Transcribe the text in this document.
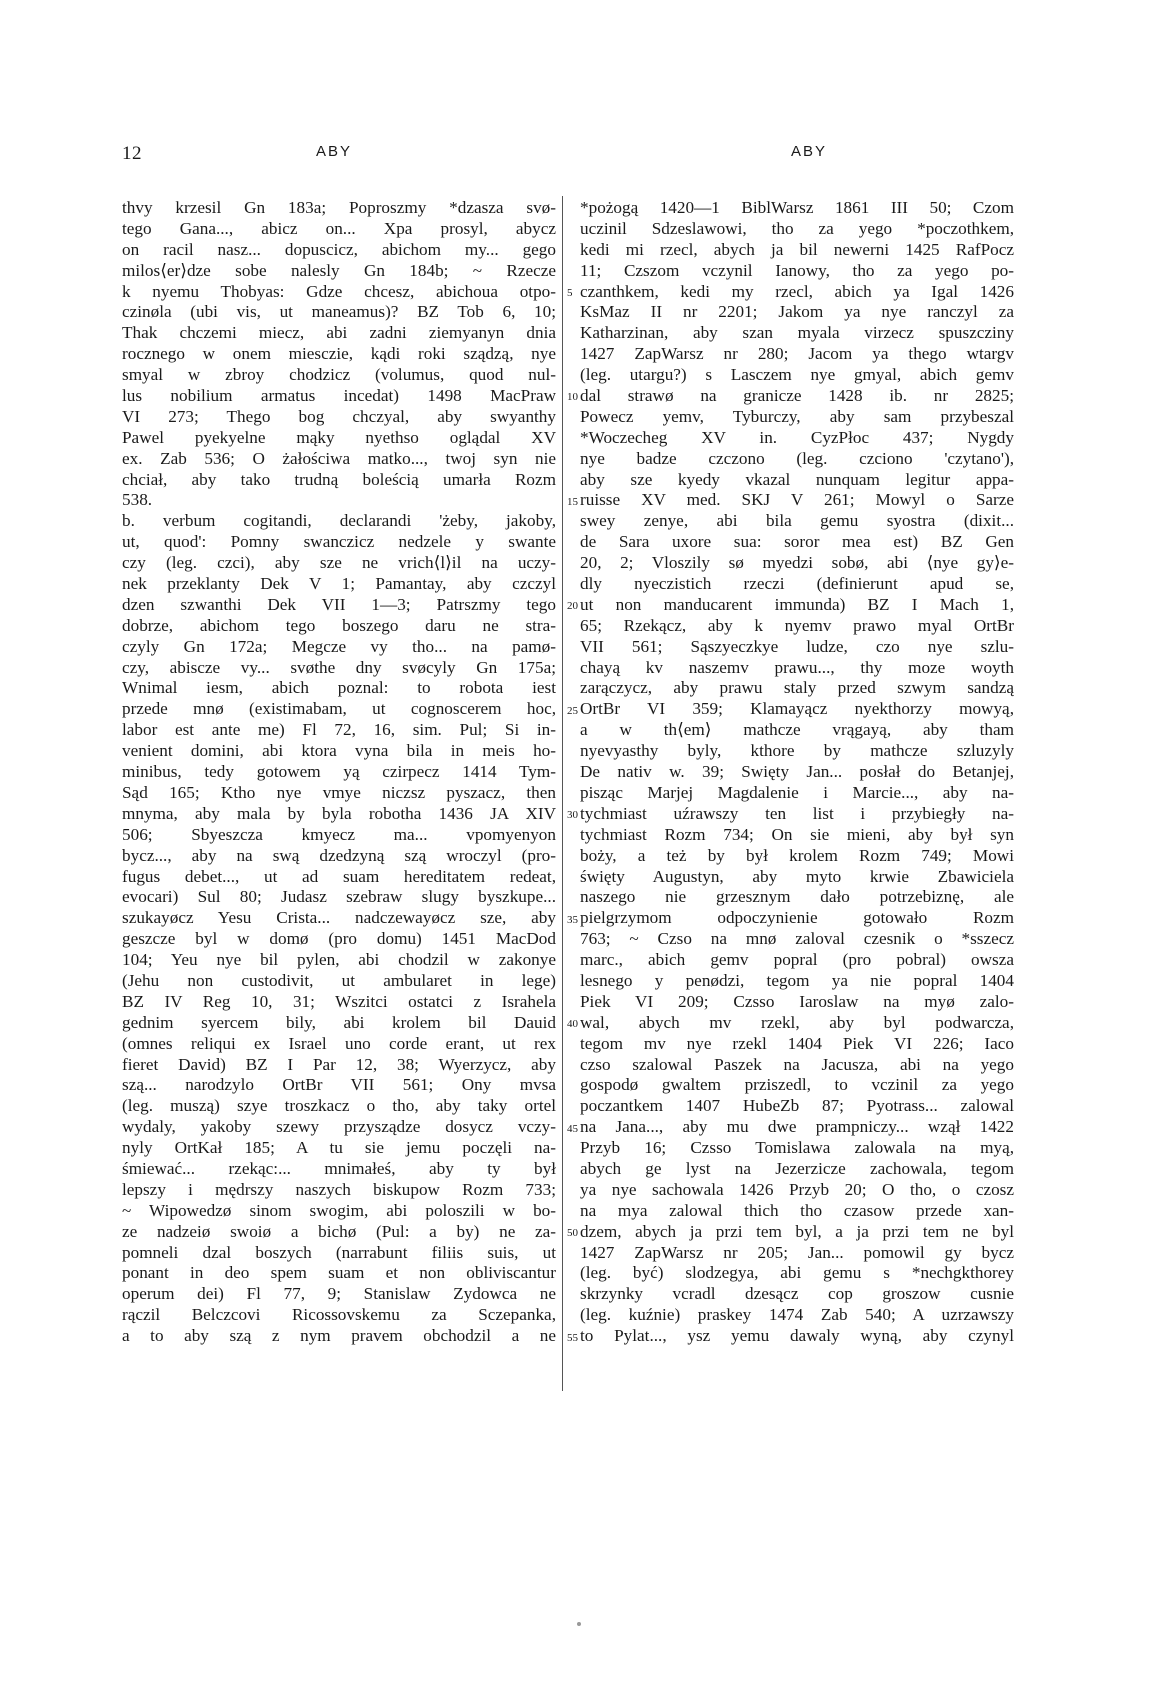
12	ABY	ABY
thvy krzesil Gn 183a; Poproszmy *dzasza svø-
tego Gana..., abicz on... Xpa prosyl, abycz
on racil nasz... dopuscicz, abichom my... gego
milos⟨er⟩dze sobe nalesly Gn 184b; ~ Rzecze
k nyemu Thobyas: Gdze chcesz, abichoua otpo-
czinøla (ubi vis, ut maneamus)? BZ Tob 6, 10;
Thak chczemi miecz, abi zadni ziemyanyn dnia
rocznego w onem miesczie, kądi roki sządzą, nye
smyal w zbroy chodzicz (volumus, quod nul-
lus nobilium armatus incedat) 1498 MacPraw
VI 273; Thego bog chczyal, aby swyanthy
Pawel pyekyelne mąky nyethso oglądal XV
ex. Zab 536; O żałościwa matko..., twoj syn nie
chciał, aby tako trudną boleścią umarła Rozm
538.
b. verbum cogitandi, declarandi 'żeby, jakoby,
ut, quod': Pomny swanczicz nedzele y swante
czy (leg. czci), aby sze ne vrich⟨l⟩il na uczy-
nek przeklanty Dek V 1; Pamantay, aby czczyl
dzen szwanthi Dek VII 1—3; Patrszmy tego
dobrze, abichom tego boszego daru ne stra-
czyly Gn 172a; Megcze vy tho... na pamø-
czy, abiscze vy... svøthe dny svøcyly Gn 175a;
Wnimal iesm, abich poznal: to robota iest
przede mnø (existimabam, ut cognoscerem hoc,
labor est ante me) Fl 72, 16, sim. Pul; Si in-
venient domini, abi ktora vyna bila in meis ho-
minibus, tedy gotowem yą czirpecz 1414 Tym-
Sąd 165; Ktho nye vmye niczsz pyszacz, then
mnyma, aby mala by byla robotha 1436 JA XIV
506; Sbyeszcza kmyecz ma... vpomyenyon
bycz..., aby na swą dzedzyną szą wroczyl (pro-
fugus debet..., ut ad suam hereditatem redeat,
evocari) Sul 80; Judasz szebraw slugy byszkupe...
szukayøcz Yesu Crista... nadczewayøcz sze, aby
geszcze byl w domø (pro domu) 1451 MacDod
104; Yeu nye bil pylen, abi chodzil w zakonye
(Jehu non custodivit, ut ambularet in lege)
BZ IV Reg 10, 31; Wszitci ostatci z Israhela
gednim syercem bily, abi krolem bil Dauid
(omnes reliqui ex Israel uno corde erant, ut rex
fieret David) BZ I Par 12, 38; Wyerzycz, aby
szą... narodzylo OrtBr VII 561; Ony mvsa
(leg. muszą) szye troszkacz o tho, aby taky ortel
wydaly, yakoby szewy przysządze dosycz vczy-
nyly OrtKał 185; A tu sie jemu poczęli na-
śmiewać... rzekąc:... mnimałeś, aby ty był
lepszy i mędrszy naszych biskupow Rozm 733;
~ Wipowedzø sinom swogim, abi poloszili w bo-
ze nadzeiø swoiø a bichø (Pul: a by) ne za-
pomneli dzal boszych (narrabunt filiis suis, ut
ponant in deo spem suam et non obliviscantur
operum dei) Fl 77, 9; Stanislaw Zydowca ne
rączil Belczcovi Ricossovskemu za Sczepanka,
a to aby szą z nym pravem obchodzil a ne
5
10
15
20
25
30
35
40
45
50
55
*pożogą 1420—1 BiblWarsz 1861 III 50; Czom
uczinil Sdzeslawowi, tho za yego *poczothkem,
kedi mi rzecl, abych ja bil newerni 1425 RafPocz
11; Czszom vczynil Ianowy, tho za yego po-
czanthkem, kedi my rzecl, abich ya Igal 1426
KsMaz II nr 2201; Jakom ya nye ranczyl za
Katharzinan, aby szan myala virzecz spuszcziny
1427 ZapWarsz nr 280; Jacom ya thego wtargv
(leg. utargu?) s Lasczem nye gmyal, abich gemv
dal strawø na granicze 1428 ib. nr 2825;
Powecz yemv, Tyburczy, aby sam przybeszal
*Woczecheg XV in. CyzPłoc 437; Nygdy
nye badze czczono (leg. czciono 'czytano'),
aby sze kyedy vkazal nunquam legitur appa-
ruisse XV med. SKJ V 261; Mowyl o Sarze
swey zenye, abi bila gemu syostra (dixit...
de Sara uxore sua: soror mea est) BZ Gen
20, 2; Vloszily sø myedzi sobø, abi ⟨nye gy⟩e-
dly nyeczistich rzeczi (definierunt apud se,
ut non manducarent immunda) BZ I Mach 1,
65; Rzekącz, aby k nyemv prawo myal OrtBr
VII 561; Sąszyeczkye ludze, czo nye szlu-
chayą kv naszemv prawu..., thy moze woyth
zarączycz, aby prawu staly przed szwym sandzą
OrtBr VI 359; Klamayącz nyekthorzy mowyą,
a w th⟨em⟩ mathcze vrągayą, aby tham
nyevyasthy byly, kthore by mathcze szluzyly
De nativ w. 39; Swięty Jan... posłał do Betanjej,
pisząc Marjej Magdalenie i Marcie..., aby na-
tychmiast uźrawszy ten list i przybiegły na-
tychmiast Rozm 734; On sie mieni, aby był syn
boży, a też by był krolem Rozm 749; Mowi
święty Augustyn, aby myto krwie Zbawiciela
naszego nie grzesznym dało potrzebiznę, ale
pielgrzymom odpoczynienie gotowało Rozm
763; ~ Czso na mnø zaloval czesnik o *sszecz
marc., abich gemv popral (pro pobral) owsza
lesnego y penødzi, tegom ya nie popral 1404
Piek VI 209; Czsso Iaroslaw na myø zalo-
wal, abych mv rzekl, aby byl podwarcza,
tegom mv nye rzekl 1404 Piek VI 226; Iaco
czso szalowal Paszek na Jacusza, abi na yego
gospodø gwaltem prziszedl, to vczinil za yego
poczantkem 1407 HubeZb 87; Pyotrass... zalowal
na Jana..., aby mu dwe prampniczy... wzął 1422
Przyb 16; Czsso Tomislawa zalowala na myą,
abych ge lyst na Jezerzicze zachowala, tegom
ya nye sachowala 1426 Przyb 20; O tho, o czosz
na mya zalowal thich tho czasow przede xan-
dzem, abych ja przi tem byl, a ja przi tem ne byl
1427 ZapWarsz nr 205; Jan... pomowil gy bycz
(leg. być) slodzegya, abi gemu s *nechgkthorey
skrzynky vcradl dzesącz cop groszow cusnie
(leg. kuźnie) praskey 1474 Zab 540; A uzrzawszy
to Pylat..., ysz yemu dawaly wyną, aby czynyl
